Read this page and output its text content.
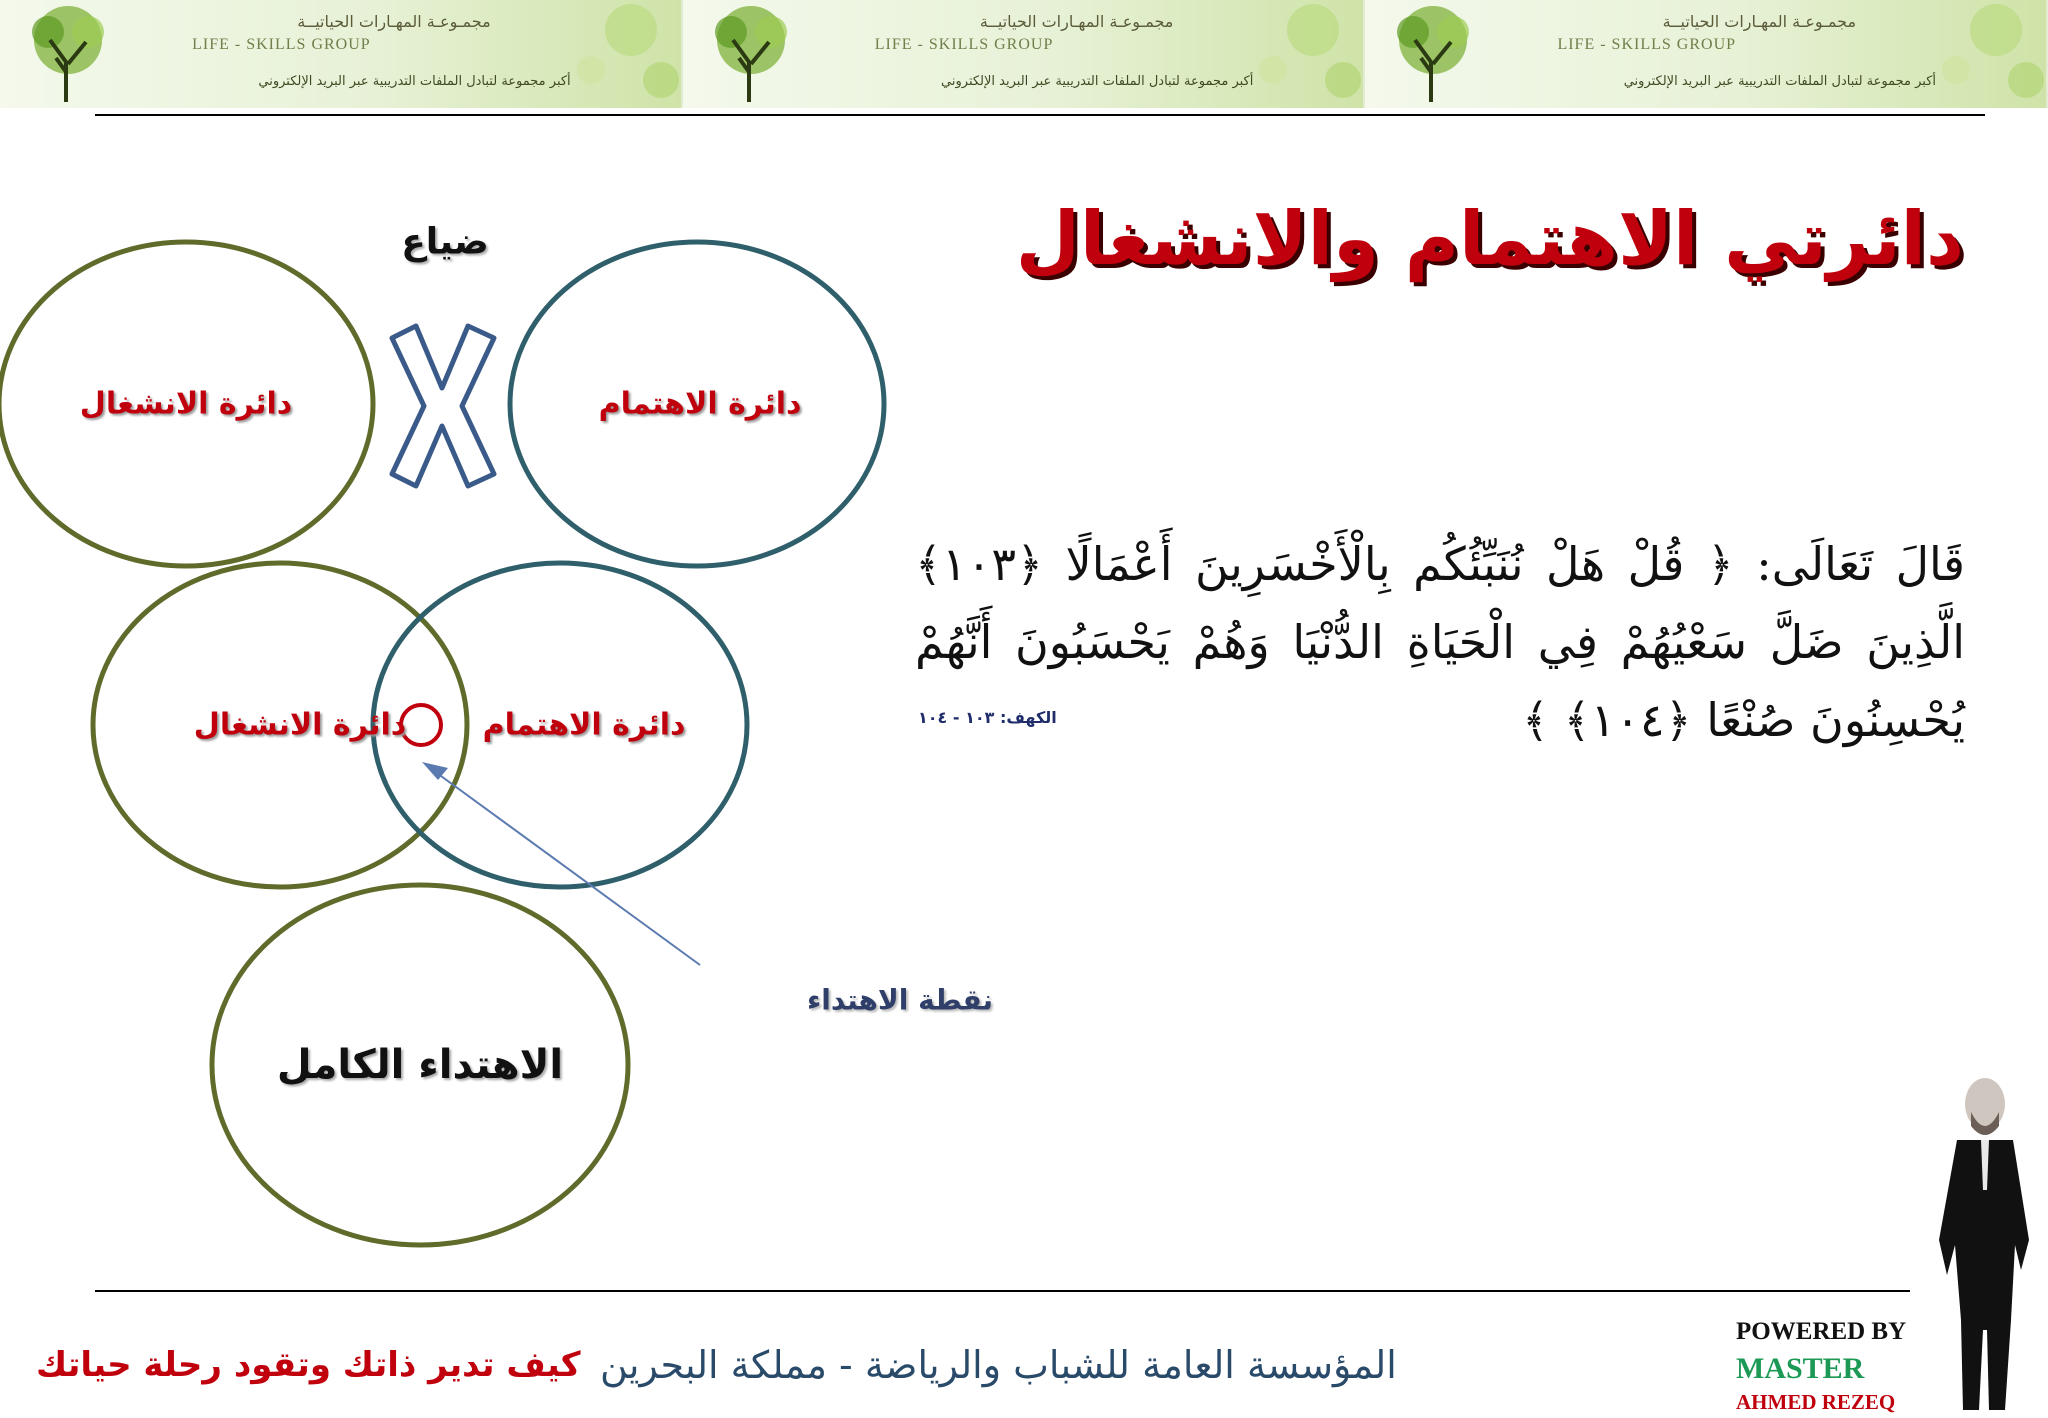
مجمـوعـة المهـارات الحياتيــة
LIFE - SKILLS GROUP
أكبر مجموعة لتبادل الملفات التدريبية عبر البريد الإلكتروني
مجمـوعـة المهـارات الحياتيــة
LIFE - SKILLS GROUP
أكبر مجموعة لتبادل الملفات التدريبية عبر البريد الإلكتروني
مجمـوعـة المهـارات الحياتيــة
LIFE - SKILLS GROUP
أكبر مجموعة لتبادل الملفات التدريبية عبر البريد الإلكتروني
دائرتي الاهتمام والانشغال
ضياع
دائرة الانشغال	دائرة الاهتمام
دائرة الانشغال	دائرة الاهتمام
الاهتداء الكامل
نقطة الاهتداء
قَالَ تَعَالَى: ﴿ قُلْ هَلْ نُنَبِّئُكُم بِالْأَخْسَرِينَ أَعْمَالًا ﴿١٠٣﴾ الَّذِينَ ضَلَّ سَعْيُهُمْ فِي الْحَيَاةِ الدُّنْيَا وَهُمْ يَحْسَبُونَ أَنَّهُمْ يُحْسِنُونَ صُنْعًا ﴿١٠٤﴾ ﴾
الكهف: ١٠٣ - ١٠٤
كيف تدير ذاتك وتقود رحلة حياتك المؤسسة العامة للشباب والرياضة - مملكة البحرين
POWERED BY
MASTER
AHMED REZEQ
